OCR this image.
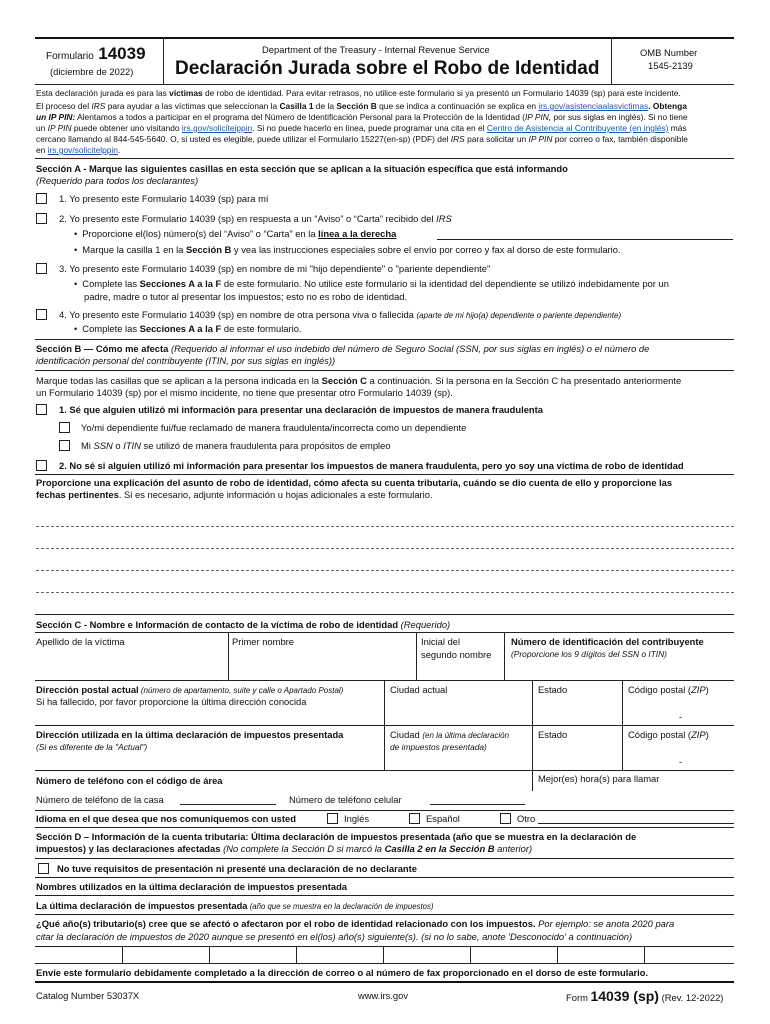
Formulario 14039
(diciembre de 2022)
Department of the Treasury - Internal Revenue Service
Declaración Jurada sobre el Robo de Identidad
OMB Number
1545-2139
Esta declaración jurada es para las víctimas de robo de identidad. Para evitar retrasos, no utilice este formulario si ya presentó un Formulario 14039 (sp) para este incidente.
El proceso del IRS para ayudar a las víctimas que seleccionan la Casilla 1 de la Sección B que se indica a continuación se explica en irs.gov/asistenciaalasvictimas. Obtenga
un IP PIN: Alentamos a todos a participar en el programa del Número de Identificación Personal para la Protección de la Identidad (IP PIN, por sus siglas en inglés). Si no tiene
un IP PIN puede obtener uno visitando irs.gov/soliciteippin. Si no puede hacerlo en línea, puede programar una cita en el Centro de Asistencia al Contribuyente (en inglés) más
cercano llamando al 844-545-5640. O, si usted es elegible, puede utilizar el Formulario 15227(en-sp) (PDF) del IRS para solicitar un IP PIN por correo o fax, también disponible
en irs.gov/solicitelppin.
Sección A - Marque las siguientes casillas en esta sección que se aplican a la situación específica que está informando
(Requerido para todos los declarantes)
1. Yo presento este Formulario 14039 (sp) para mí
2. Yo presento este Formulario 14039 (sp) en respuesta a un “Aviso” o “Carta” recibido del IRS
• Proporcione el(los) número(s) del “Aviso” o “Carta” en la línea a la derecha
• Marque la casilla 1 en la Sección B y vea las instrucciones especiales sobre el envío por correo y fax al dorso de este formulario.
3. Yo presento este Formulario 14039 (sp) en nombre de mi "hijo dependiente" o "pariente dependiente"
• Complete las Secciones A a la F de este formulario. No utilice este formulario si la identidad del dependiente se utilizó indebidamente por un
padre, madre o tutor al presentar los impuestos; esto no es robo de identidad.
4. Yo presento este Formulario 14039 (sp) en nombre de otra persona viva o fallecida (aparte de mi hijo(a) dependiente o pariente dependiente)
• Complete las Secciones A a la F de este formulario.
Sección B — Cómo me afecta (Requerido al informar el uso indebido del número de Seguro Social (SSN, por sus siglas en inglés) o el número de
identificación personal del contribuyente (ITIN, por sus siglas en inglés))
Marque todas las casillas que se aplican a la persona indicada en la Sección C a continuación. Si la persona en la Sección C ha presentado anteriormente
un Formulario 14039 (sp) por el mismo incidente, no tiene que presentar otro Formulario 14039 (sp).
1. Sé que alguien utilizó mi información para presentar una declaración de impuestos de manera fraudulenta
Yo/mi dependiente fui/fue reclamado de manera fraudulenta/incorrecta como un dependiente
Mi SSN o ITIN se utilizó de manera fraudulenta para propósitos de empleo
2. No sé si alguien utilizó mi información para presentar los impuestos de manera fraudulenta, pero yo soy una víctima de robo de identidad
Proporcione una explicación del asunto de robo de identidad, cómo afecta su cuenta tributaria, cuándo se dio cuenta de ello y proporcione las
fechas pertinentes. Si es necesario, adjunte información u hojas adicionales a este formulario.
Sección C - Nombre e Información de contacto de la víctima de robo de identidad (Requerido)
Apellido de la víctima	Primer nombre	Inicial del
segundo nombre
Número de identificación del contribuyente
(Proporcione los 9 dígitos del SSN o ITIN)
Dirección postal actual (número de apartamento, suite y calle o Apartado Postal)
Si ha fallecido, por favor proporcione la última dirección conocida
Ciudad actual	Estado	Código postal (ZIP)
-
Dirección utilizada en la última declaración de impuestos presentada
(Si es diferente de la "Actual")
Ciudad (en la última declaración
de impuestos presentada)
Estado	Código postal (ZIP)
-
Número de teléfono con el código de área	Mejor(es) hora(s) para llamar
Número de teléfono de la casa	Número de teléfono celular
Idioma en el que desea que nos comuniquemos con usted	Inglés	Español	Otro
Sección D – Información de la cuenta tributaria: Última declaración de impuestos presentada (año que se muestra en la declaración de
impuestos) y las declaraciones afectadas (No complete la Sección D si marcó la Casilla 2 en la Sección B anterior)
No tuve requisitos de presentación ni presenté una declaración de no declarante
Nombres utilizados en la última declaración de impuestos presentada
La última declaración de impuestos presentada (año que se muestra en la declaración de impuestos)
¿Qué año(s) tributario(s) cree que se afectó o afectaron por el robo de identidad relacionado con los impuestos. Por ejemplo: se anota 2020 para
citar la declaración de impuestos de 2020 aunque se presentó en el(los) año(s) siguiente(s). (si no lo sabe, anote 'Desconocido' a continuación)
Envíe este formulario debidamente completado a la dirección de correo o al número de fax proporcionado en el dorso de este formulario.
Catalog Number 53037X	www.irs.gov	Form 14039 (sp) (Rev. 12-2022)
